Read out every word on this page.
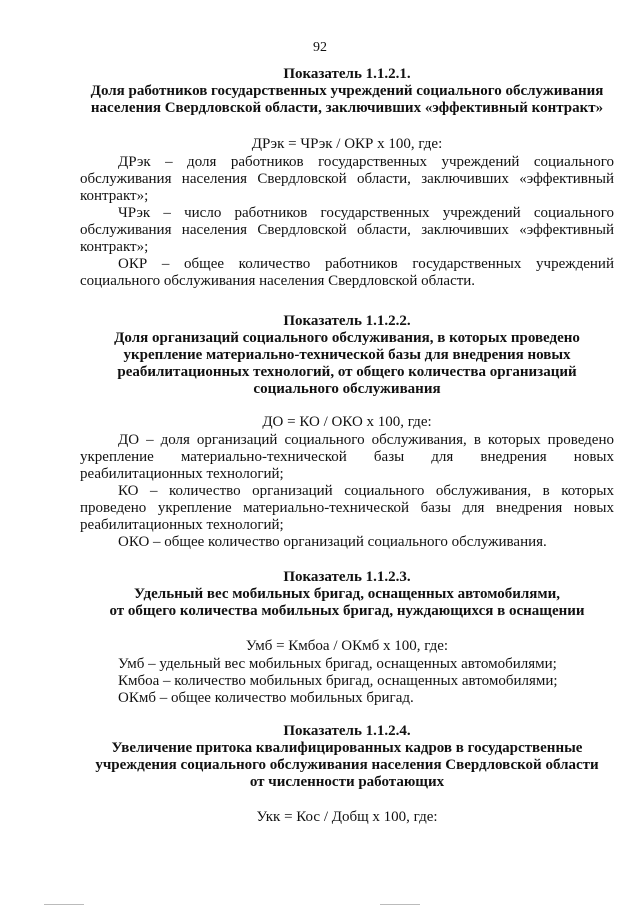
92
Показатель 1.1.2.1.
Доля работников государственных учреждений социального обслуживания
населения Свердловской области, заключивших «эффективный контракт»
ДРэк = ЧРэк / ОКР х 100, где:
ДРэк – доля работников государственных учреждений социального
обслуживания населения Свердловской области, заключивших «эффективный
контракт»;
ЧРэк – число работников государственных учреждений социального
обслуживания населения Свердловской области, заключивших «эффективный
контракт»;
ОКР – общее количество работников государственных учреждений
социального обслуживания населения Свердловской области.
Показатель 1.1.2.2.
Доля организаций социального обслуживания, в которых проведено
укрепление материально-технической базы для внедрения новых
реабилитационных технологий, от общего количества организаций
социального обслуживания
ДО = КО / ОКО х 100, где:
ДО – доля организаций социального обслуживания, в которых проведено
укрепление материально-технической базы для внедрения новых
реабилитационных технологий;
КО – количество организаций социального обслуживания, в которых
проведено укрепление материально-технической базы для внедрения новых
реабилитационных технологий;
ОКО – общее количество организаций социального обслуживания.
Показатель 1.1.2.3.
Удельный вес мобильных бригад, оснащенных автомобилями,
от общего количества мобильных бригад, нуждающихся в оснащении
Умб = Кмбоа / ОКмб х 100, где:
Умб – удельный вес мобильных бригад, оснащенных автомобилями;
Кмбоа – количество мобильных бригад, оснащенных автомобилями;
ОКмб – общее количество мобильных бригад.
Показатель 1.1.2.4.
Увеличение притока квалифицированных кадров в государственные
учреждения социального обслуживания населения Свердловской области
от численности работающих
Укк = Кос / Добщ х 100, где:
